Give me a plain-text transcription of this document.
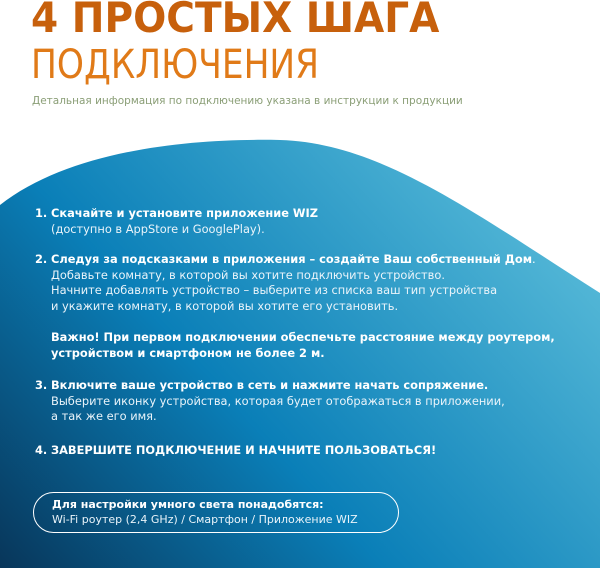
4 ПРОСТЫХ ШАГА
ПОДКЛЮЧЕНИЯ
Детальная информация по подключению указана в инструкции к продукции
1. Скачайте и установите приложение WIZ
(доступно в AppStore и GooglePlay).
2. Следуя за подсказками в приложения – создайте Ваш собственный Дом.
Добавьте комнату, в которой вы хотите подключить устройство.
Начните добавлять устройство – выберите из списка ваш тип устройства
и укажите комнату, в которой вы хотите его установить.
Важно! При первом подключении обеспечьте расстояние между роутером,
устройством и смартфоном не более 2 м.
3. Включите ваше устройство в сеть и нажмите начать сопряжение.
Выберите иконку устройства, которая будет отображаться в приложении,
а так же его имя.
4. ЗАВЕРШИТЕ ПОДКЛЮЧЕНИЕ И НАЧНИТЕ ПОЛЬЗОВАТЬСЯ!
Для настройки умного света понадобятся:
Wi-Fi роутер (2,4 GHz) / Смартфон / Приложение WIZ
